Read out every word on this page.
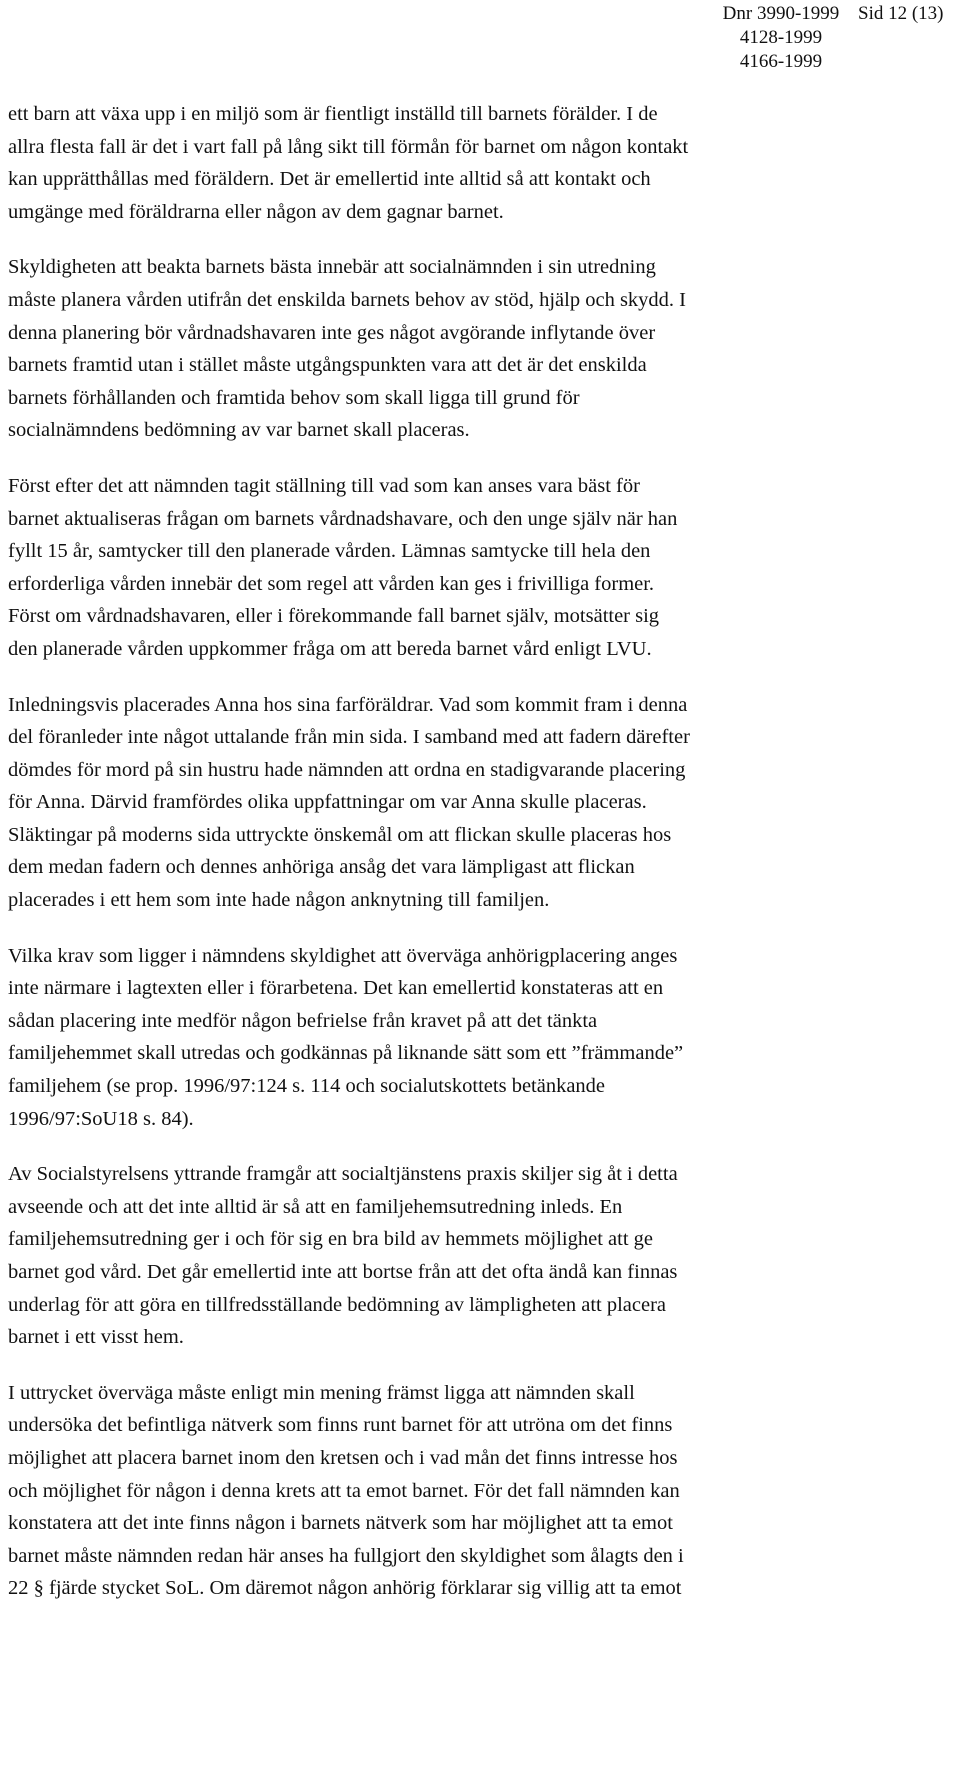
Dnr 3990-1999
4128-1999
4166-1999
Sid 12 (13)

ett barn att växa upp i en miljö som är fientligt inställd till barnets förälder. I de
allra flesta fall är det i vart fall på lång sikt till förmån för barnet om någon kontakt
kan upprätthållas med föräldern. Det är emellertid inte alltid så att kontakt och
umgänge med föräldrarna eller någon av dem gagnar barnet.

Skyldigheten att beakta barnets bästa innebär att socialnämnden i sin utredning
måste planera vården utifrån det enskilda barnets behov av stöd, hjälp och skydd. I
denna planering bör vårdnadshavaren inte ges något avgörande inflytande över
barnets framtid utan i stället måste utgångspunkten vara att det är det enskilda
barnets förhållanden och framtida behov som skall ligga till grund för
socialnämndens bedömning av var barnet skall placeras.

Först efter det att nämnden tagit ställning till vad som kan anses vara bäst för
barnet aktualiseras frågan om barnets vårdnadshavare, och den unge själv när han
fyllt 15 år, samtycker till den planerade vården. Lämnas samtycke till hela den
erforderliga vården innebär det som regel att vården kan ges i frivilliga former.
Först om vårdnadshavaren, eller i förekommande fall barnet själv, motsätter sig
den planerade vården uppkommer fråga om att bereda barnet vård enligt LVU.

Inledningsvis placerades Anna hos sina farföräldrar. Vad som kommit fram i denna
del föranleder inte något uttalande från min sida. I samband med att fadern därefter
dömdes för mord på sin hustru hade nämnden att ordna en stadigvarande placering
för Anna. Därvid framfördes olika uppfattningar om var Anna skulle placeras.
Släktingar på moderns sida uttryckte önskemål om att flickan skulle placeras hos
dem medan fadern och dennes anhöriga ansåg det vara lämpligast att flickan
placerades i ett hem som inte hade någon anknytning till familjen.

Vilka krav som ligger i nämndens skyldighet att överväga anhörigplacering anges
inte närmare i lagtexten eller i förarbetena. Det kan emellertid konstateras att en
sådan placering inte medför någon befrielse från kravet på att det tänkta
familjehemmet skall utredas och godkännas på liknande sätt som ett ”främmande”
familjehem (se prop. 1996/97:124 s. 114 och socialutskottets betänkande
1996/97:SoU18 s. 84).

Av Socialstyrelsens yttrande framgår att socialtjänstens praxis skiljer sig åt i detta
avseende och att det inte alltid är så att en familjehemsutredning inleds. En
familjehemsutredning ger i och för sig en bra bild av hemmets möjlighet att ge
barnet god vård. Det går emellertid inte att bortse från att det ofta ändå kan finnas
underlag för att göra en tillfredsställande bedömning av lämpligheten att placera
barnet i ett visst hem.

I uttrycket överväga måste enligt min mening främst ligga att nämnden skall
undersöka det befintliga nätverk som finns runt barnet för att utröna om det finns
möjlighet att placera barnet inom den kretsen och i vad mån det finns intresse hos
och möjlighet för någon i denna krets att ta emot barnet. För det fall nämnden kan
konstatera att det inte finns någon i barnets nätverk som har möjlighet att ta emot
barnet måste nämnden redan här anses ha fullgjort den skyldighet som ålagts den i
22 § fjärde stycket SoL. Om däremot någon anhörig förklarar sig villig att ta emot
